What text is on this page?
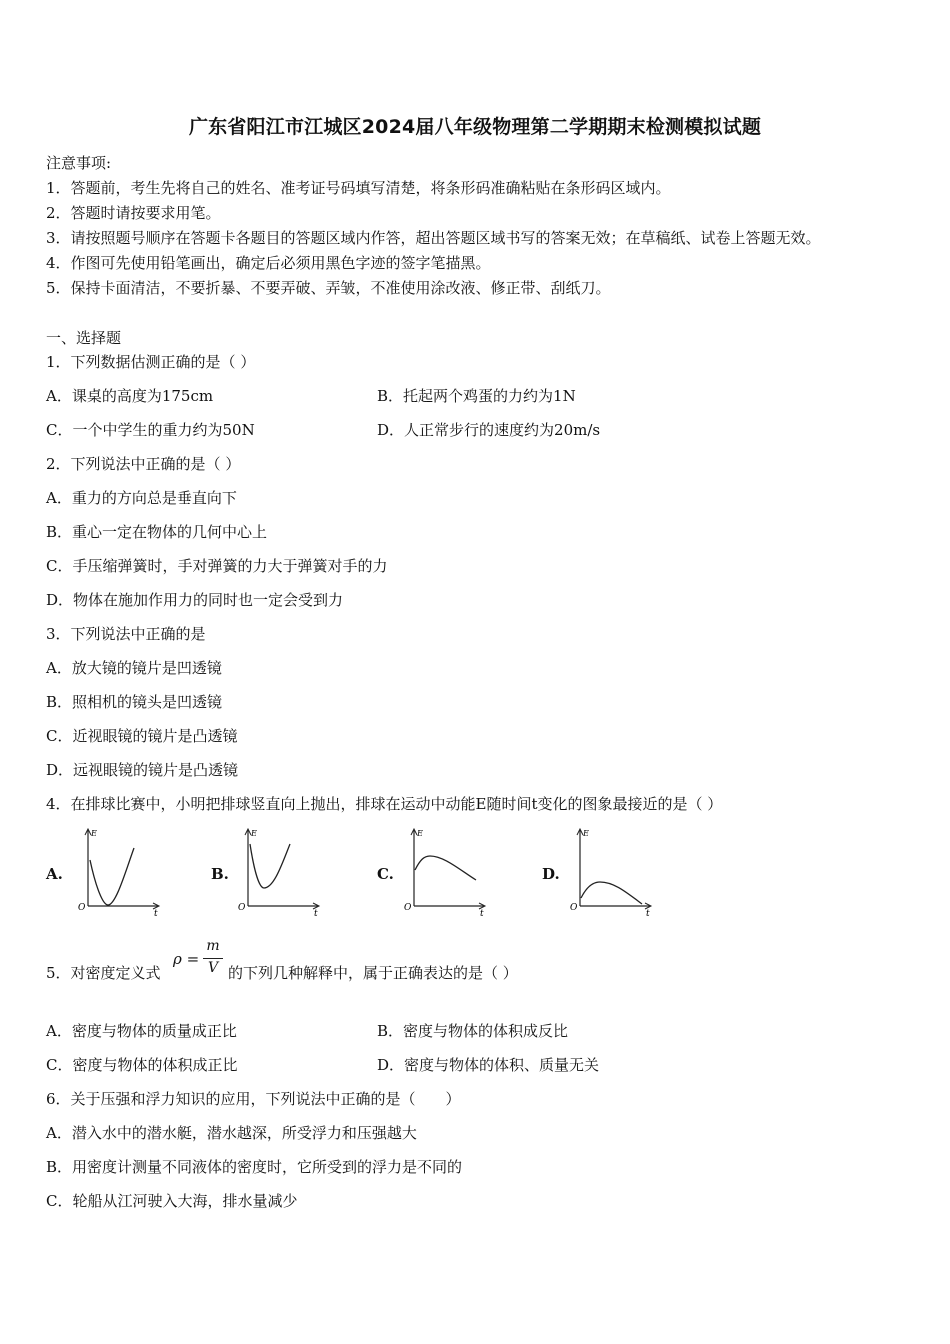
广东省阳江市江城区2024届八年级物理第二学期期末检测模拟试题
注意事项:
1．答题前，考生先将自己的姓名、准考证号码填写清楚，将条形码准确粘贴在条形码区域内。
2．答题时请按要求用笔。
3．请按照题号顺序在答题卡各题目的答题区域内作答，超出答题区域书写的答案无效；在草稿纸、试卷上答题无效。
4．作图可先使用铅笔画出，确定后必须用黑色字迹的签字笔描黑。
5．保持卡面清洁，不要折暴、不要弄破、弄皱，不准使用涂改液、修正带、刮纸刀。
一、选择题
1．下列数据估测正确的是（ ）
A．课桌的高度为175cm	B．托起两个鸡蛋的力约为1N
C．一个中学生的重力约为50N	D．人正常步行的速度约为20m/s
2．下列说法中正确的是（ ）
A．重力的方向总是垂直向下
B．重心一定在物体的几何中心上
C．手压缩弹簧时，手对弹簧的力大于弹簧对手的力
D．物体在施加作用力的同时也一定会受到力
3．下列说法中正确的是
A．放大镜的镜片是凹透镜
B．照相机的镜头是凹透镜
C．近视眼镜的镜片是凸透镜
D．远视眼镜的镜片是凸透镜
4．在排球比赛中，小明把排球竖直向上抛出，排球在运动中动能E随时间t变化的图象最接近的是（ ）
A.
E
t
O
B.
E
t
O
C.
E
t
O
D.
E
t
O
5．对密度定义式
ρ =
m
V 的下列几种解释中，属于正确表达的是（ ）
A．密度与物体的质量成正比	B．密度与物体的体积成反比
C．密度与物体的体积成正比	D．密度与物体的体积、质量无关
6．关于压强和浮力知识的应用，下列说法中正确的是（　　）
A．潜入水中的潜水艇，潜水越深，所受浮力和压强越大
B．用密度计测量不同液体的密度时，它所受到的浮力是不同的
C．轮船从江河驶入大海，排水量减少
